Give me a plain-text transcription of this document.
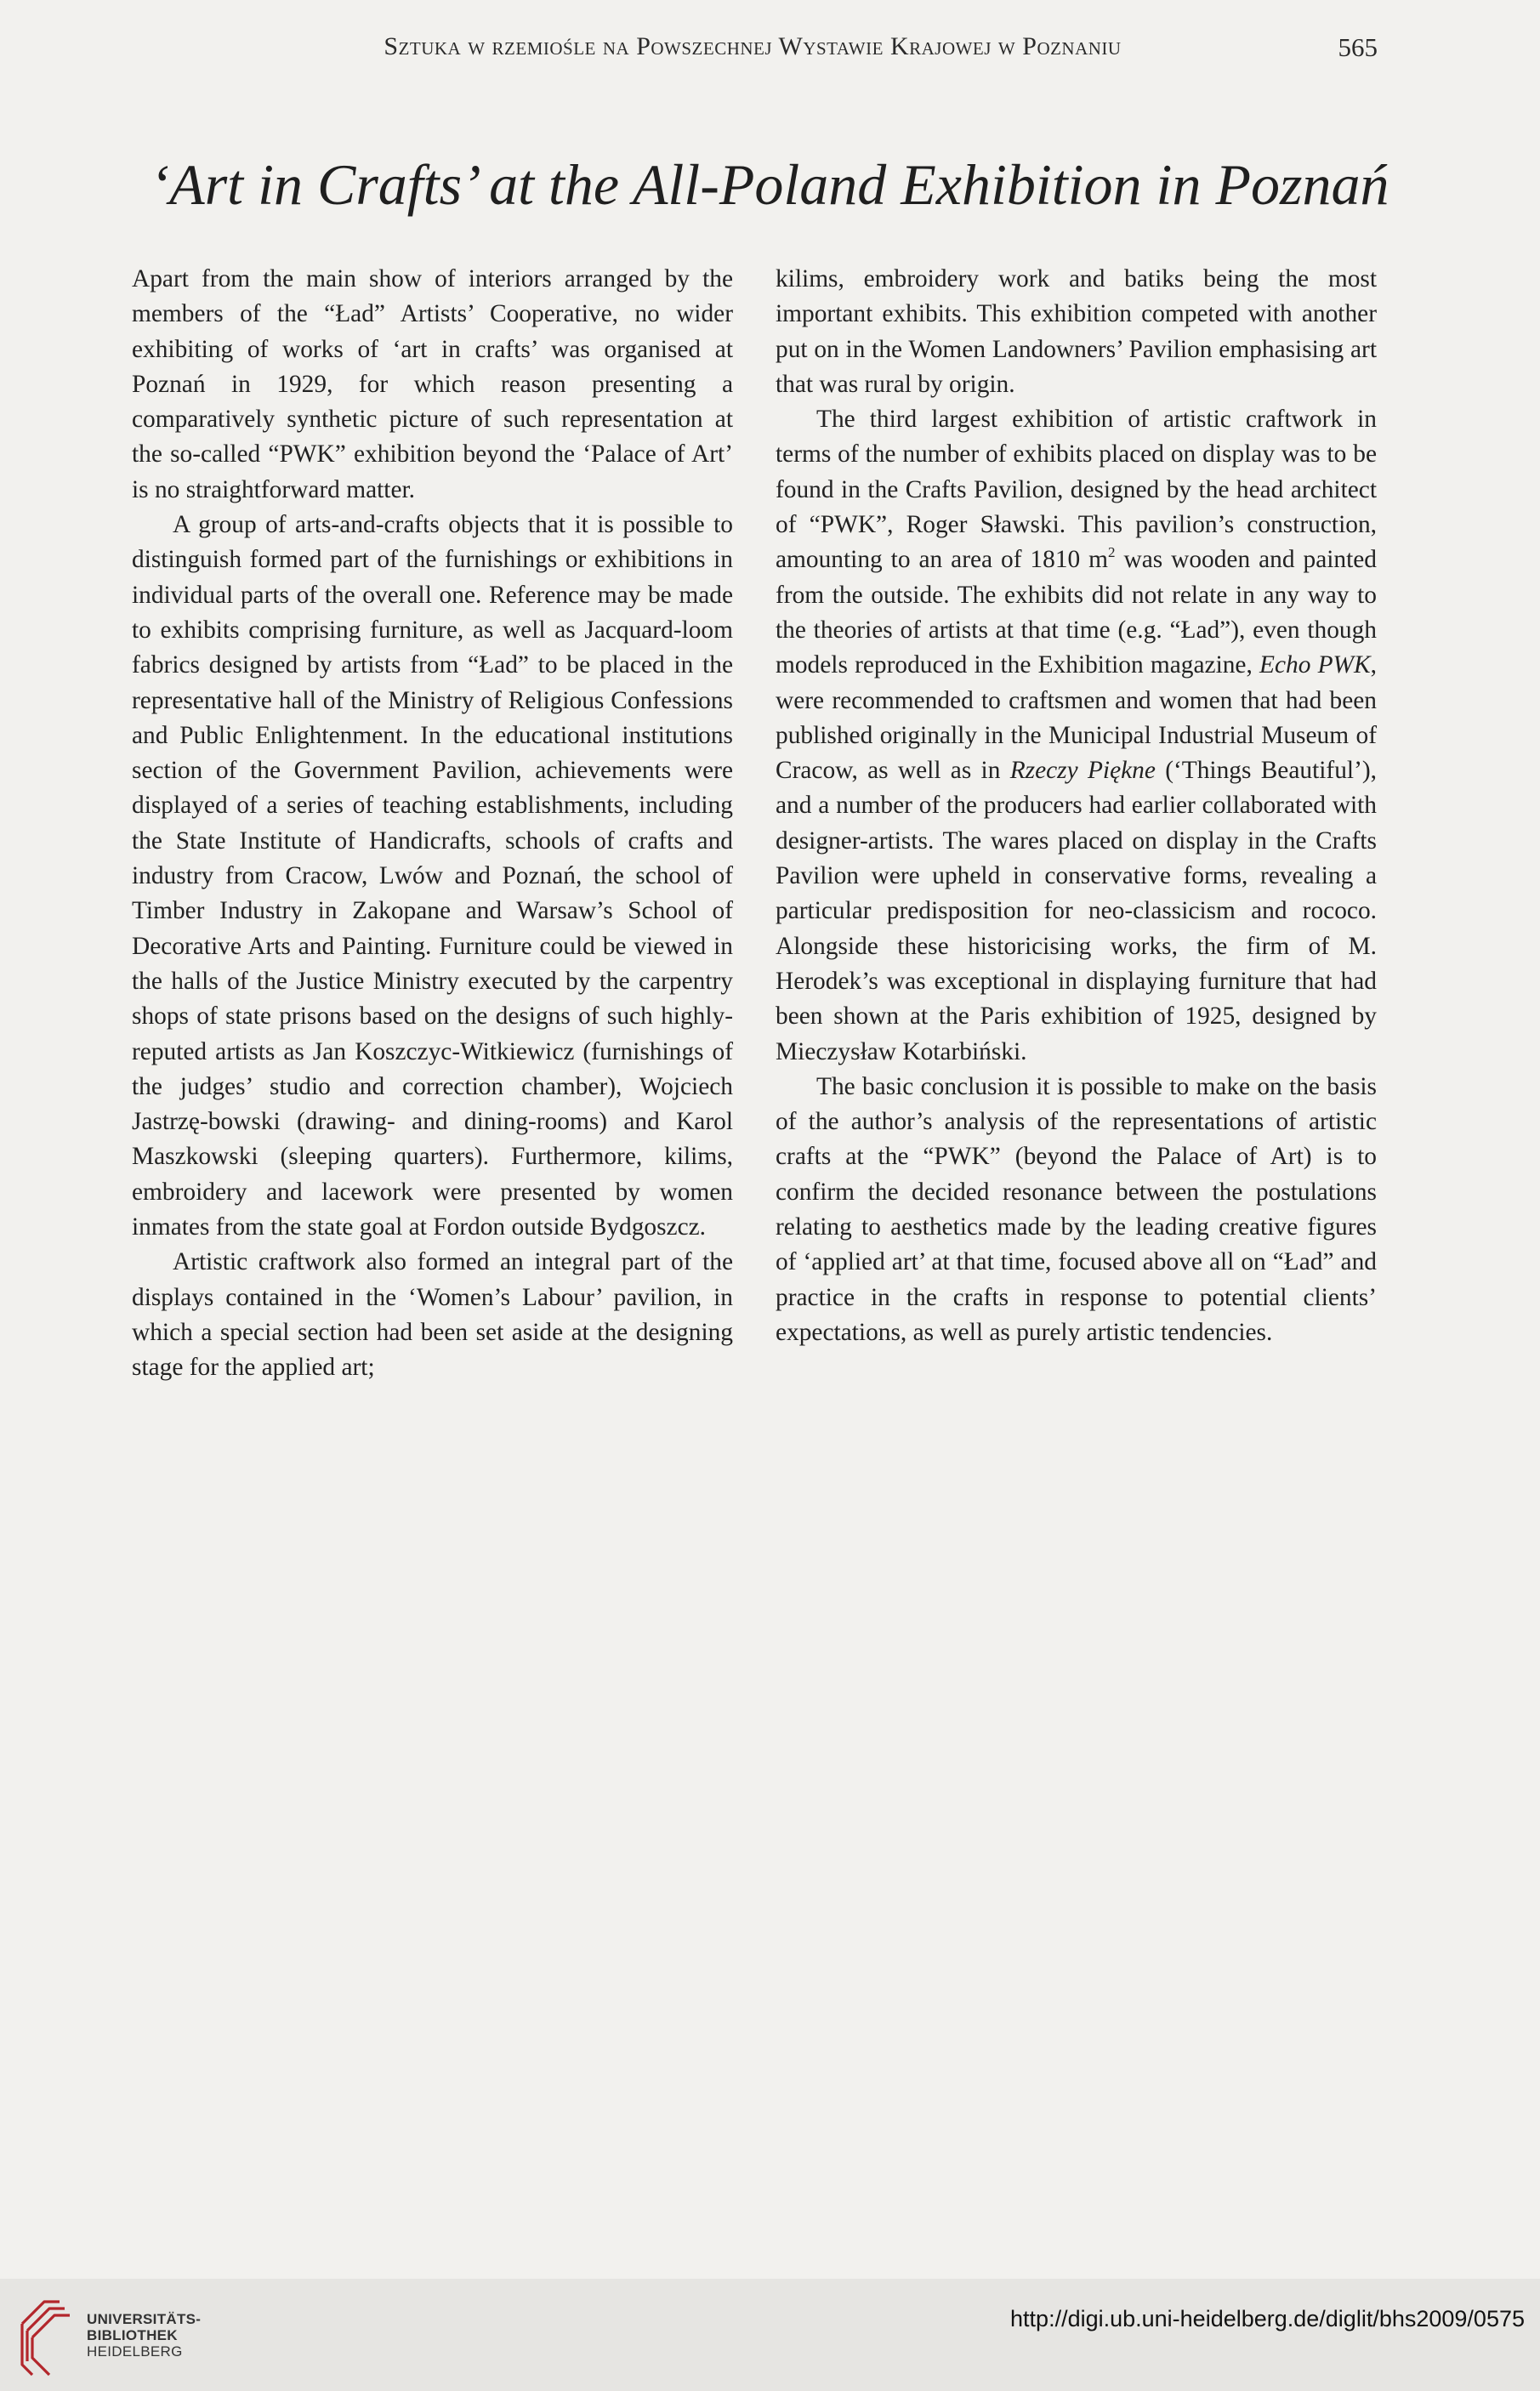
Sztuka w rzemiośle na Powszechnej Wystawie Krajowej w Poznaniu	565
‘Art in Crafts’ at the All-Poland Exhibition in Poznań

Apart from the main show of interiors arranged by the members of the “Ład” Artists’ Cooperative, no wider exhibiting of works of ‘art in crafts’ was organised at Poznań in 1929, for which reason presenting a comparatively synthetic picture of such representation at the so-called “PWK” exhibition beyond the ‘Palace of Art’ is no straightforward matter.

A group of arts-and-crafts objects that it is possible to distinguish formed part of the furnishings or exhibitions in individual parts of the overall one. Reference may be made to exhibits comprising furniture, as well as Jacquard-loom fabrics designed by artists from “Ład” to be placed in the representative hall of the Ministry of Religious Confessions and Public Enlightenment. In the educational institutions section of the Government Pavilion, achievements were displayed of a series of teaching establishments, including the State Institute of Handicrafts, schools of crafts and industry from Cracow, Lwów and Poznań, the school of Timber Industry in Zakopane and Warsaw’s School of Decorative Arts and Painting. Furniture could be viewed in the halls of the Justice Ministry executed by the carpentry shops of state prisons based on the designs of such highly-reputed artists as Jan Koszczyc-Witkiewicz (furnishings of the judges’ studio and correction chamber), Wojciech Jastrzę-bowski (drawing- and dining-rooms) and Karol Maszkowski (sleeping quarters). Furthermore, kilims, embroidery and lacework were presented by women inmates from the state goal at Fordon outside Bydgoszcz.

Artistic craftwork also formed an integral part of the displays contained in the ‘Women’s Labour’ pavilion, in which a special section had been set aside at the designing stage for the applied art;

kilims, embroidery work and batiks being the most important exhibits. This exhibition competed with another put on in the Women Landowners’ Pavilion emphasising art that was rural by origin.

The third largest exhibition of artistic craftwork in terms of the number of exhibits placed on display was to be found in the Crafts Pavilion, designed by the head architect of “PWK”, Roger Sławski. This pavilion’s construction, amounting to an area of 1810 $m^2$ was wooden and painted from the outside. The exhibits did not relate in any way to the theories of artists at that time (e.g. “Ład”), even though models reproduced in the Exhibition magazine, Echo PWK, were recommended to craftsmen and women that had been published originally in the Municipal Industrial Museum of Cracow, as well as in Rzeczy Piękne (‘Things Beautiful’), and a number of the producers had earlier collaborated with designer-artists. The wares placed on display in the Crafts Pavilion were upheld in conservative forms, revealing a particular predisposition for neo-classicism and rococo. Alongside these historicising works, the firm of M. Herodek’s was exceptional in displaying furniture that had been shown at the Paris exhibition of 1925, designed by Mieczysław Kotarbiński.

The basic conclusion it is possible to make on the basis of the author’s analysis of the representations of artistic crafts at the “PWK” (beyond the Palace of Art) is to confirm the decided resonance between the postulations relating to aesthetics made by the leading creative figures of ‘applied art’ at that time, focused above all on “Ład” and practice in the crafts in response to potential clients’ expectations, as well as purely artistic tendencies.

UNIVERSITÄTS-
BIBLIOTHEK
HEIDELBERG
http://digi.ub.uni-heidelberg.de/diglit/bhs2009/0575
